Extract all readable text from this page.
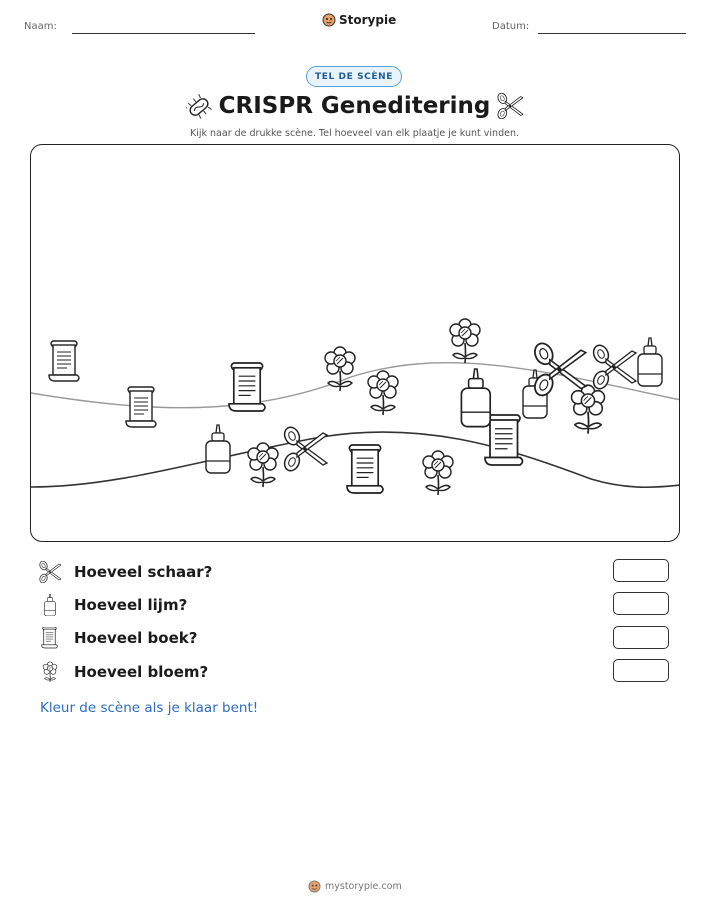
Naam:	Storypie	Datum:
TEL DE SCÈNE
CRISPR Geneditering
Kijk naar de drukke scène. Tel hoeveel van elk plaatje je kunt vinden.
Hoeveel schaar?
Hoeveel lijm?
Hoeveel boek?
Hoeveel bloem?
Kleur de scène als je klaar bent!
mystorypie.com
